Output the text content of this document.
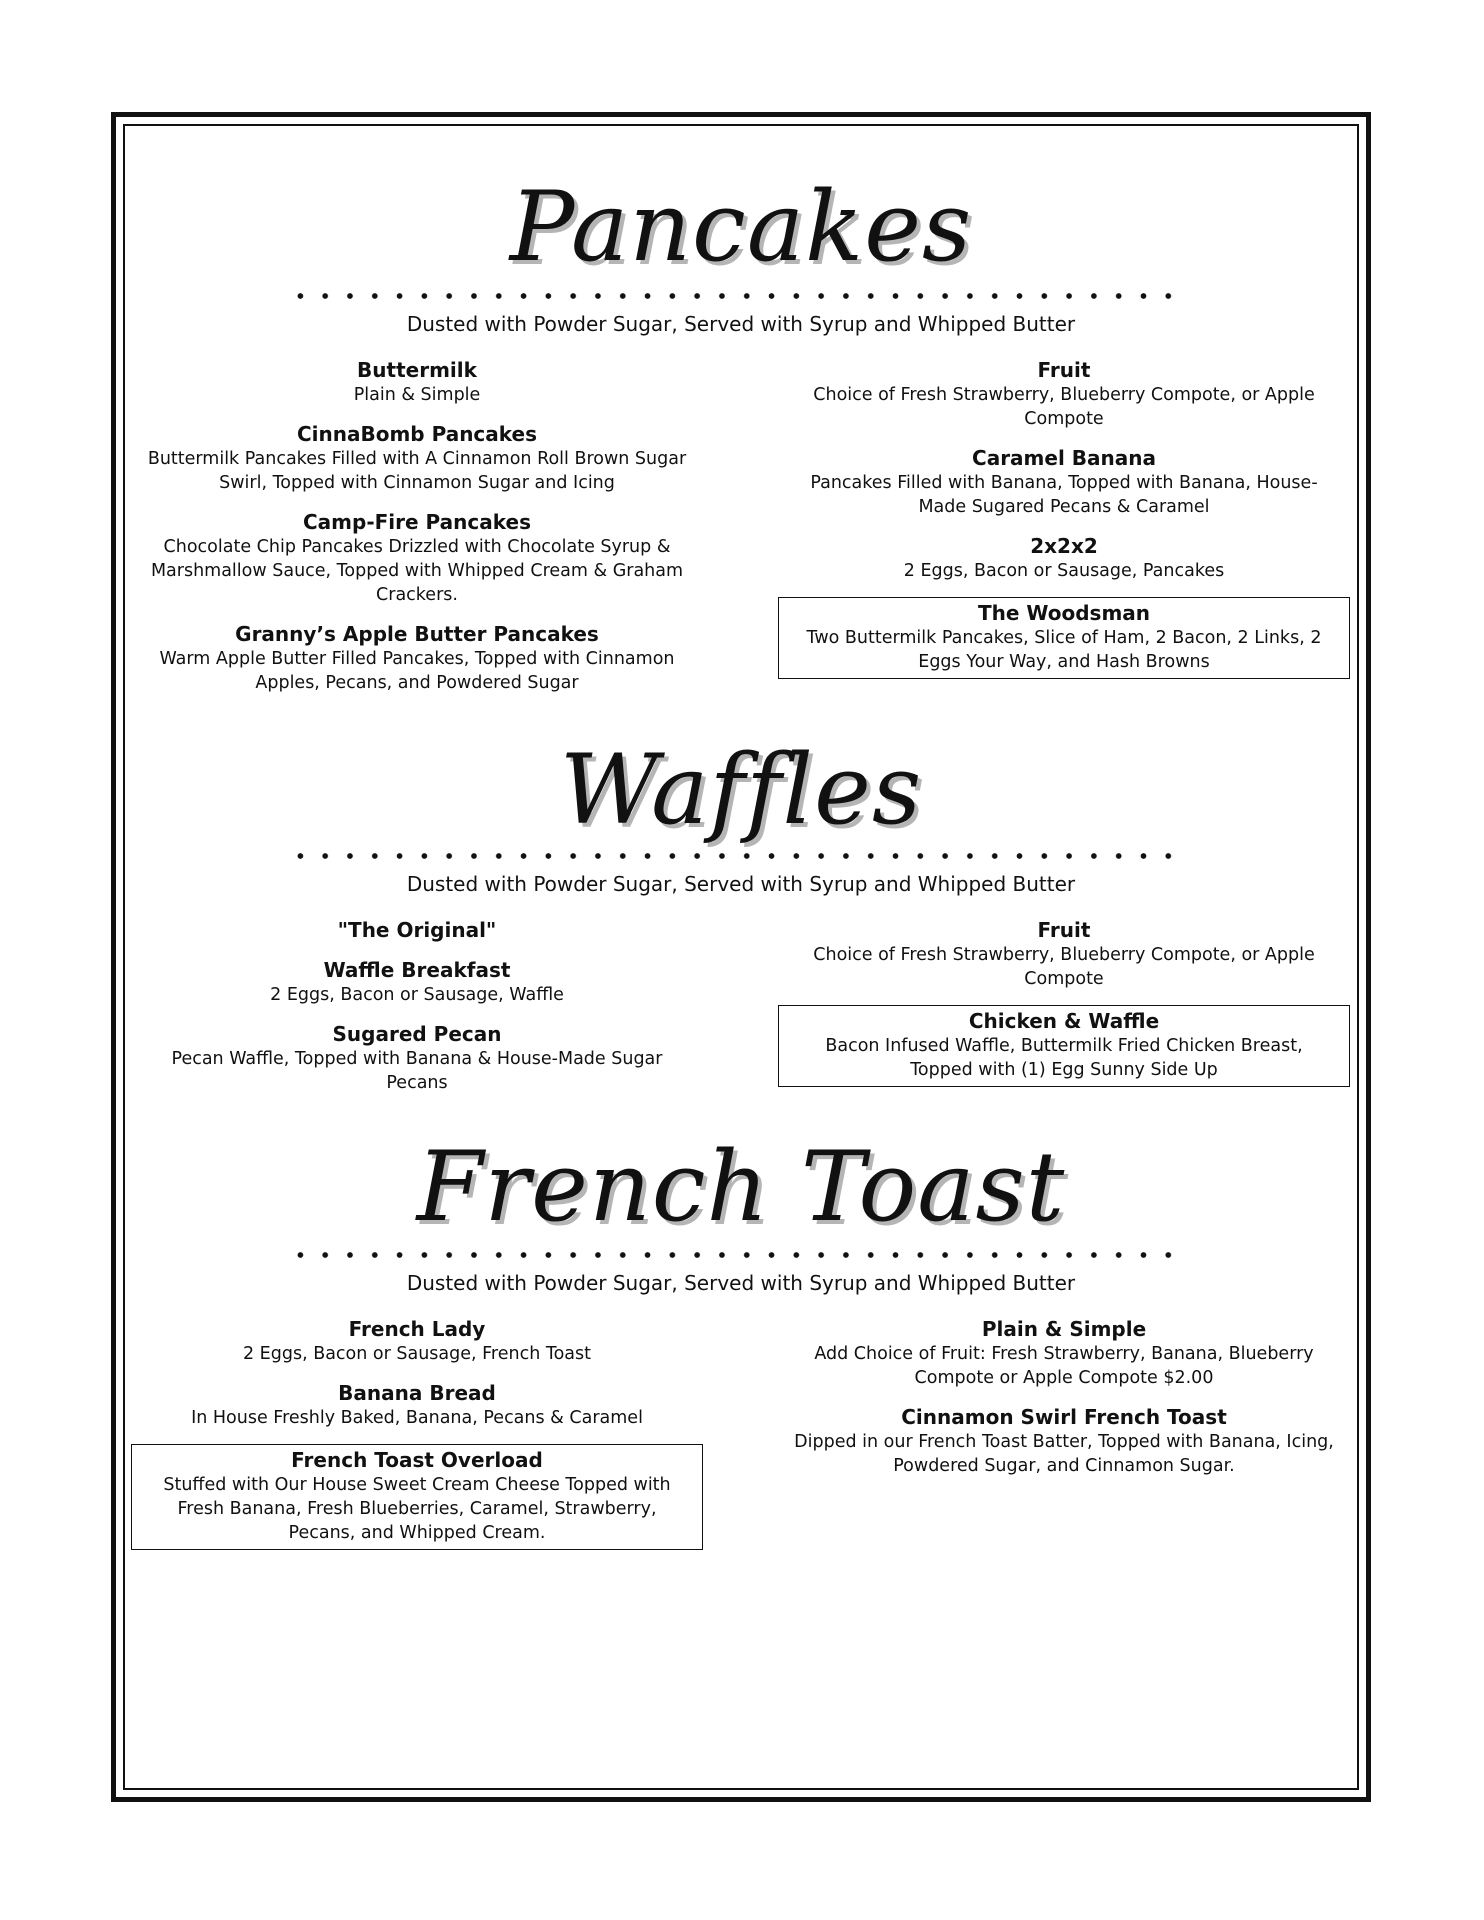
Pancakes

Dusted with Powder Sugar, Served with Syrup and Whipped Butter

Buttermilk
Plain & Simple
CinnaBomb Pancakes
Buttermilk Pancakes Filled with A Cinnamon Roll Brown Sugar Swirl, Topped with Cinnamon Sugar and Icing
Camp-Fire Pancakes
Chocolate Chip Pancakes Drizzled with Chocolate Syrup & Marshmallow Sauce, Topped with Whipped Cream & Graham Crackers.
Granny’s Apple Butter Pancakes
Warm Apple Butter Filled Pancakes, Topped with Cinnamon Apples, Pecans, and Powdered Sugar
Fruit
Choice of Fresh Strawberry, Blueberry Compote, or Apple Compote
Caramel Banana
Pancakes Filled with Banana, Topped with Banana, House-Made Sugared Pecans & Caramel
2x2x2
2 Eggs, Bacon or Sausage, Pancakes
The Woodsman
Two Buttermilk Pancakes, Slice of Ham, 2 Bacon, 2 Links, 2 Eggs Your Way, and Hash Browns
Waffles

Dusted with Powder Sugar, Served with Syrup and Whipped Butter

"The Original"
Waffle Breakfast
2 Eggs, Bacon or Sausage, Waffle
Sugared Pecan
Pecan Waffle, Topped with Banana & House-Made Sugar Pecans
Fruit
Choice of Fresh Strawberry, Blueberry Compote, or Apple Compote
Chicken & Waffle
Bacon Infused Waffle, Buttermilk Fried Chicken Breast, Topped with (1) Egg Sunny Side Up
French Toast

Dusted with Powder Sugar, Served with Syrup and Whipped Butter

French Lady
2 Eggs, Bacon or Sausage, French Toast
Banana Bread
In House Freshly Baked, Banana, Pecans & Caramel
French Toast Overload
Stuffed with Our House Sweet Cream Cheese Topped with Fresh Banana, Fresh Blueberries, Caramel, Strawberry, Pecans, and Whipped Cream.
Plain & Simple
Add Choice of Fruit: Fresh Strawberry, Banana, Blueberry Compote or Apple Compote $2.00
Cinnamon Swirl French Toast
Dipped in our French Toast Batter, Topped with Banana, Icing, Powdered Sugar, and Cinnamon Sugar.
